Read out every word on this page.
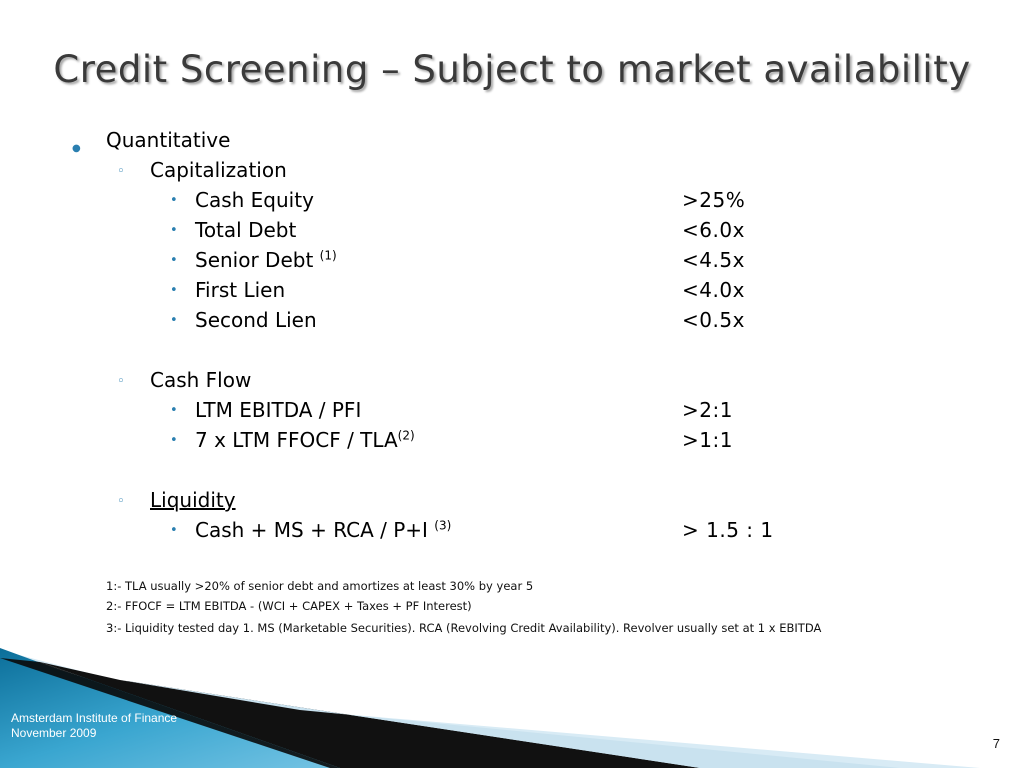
Credit Screening – Subject to market availability
● Quantitative
◦ Capitalization
• Cash Equity	>25%
• Total Debt	<6.0x
• Senior Debt $^{(1)}$	<4.5x
• First Lien	<4.0x
• Second Lien	<0.5x
◦ Cash Flow
• LTM EBITDA / PFI	>2:1
• 7 x LTM FFOCF / $TLA^{(2)}$	>1:1
◦ Liquidity
• Cash + MS + RCA / P+I $^{(3)}$	> 1.5 : 1
1:- TLA usually >20% of senior debt and amortizes at least 30% by year 5
2:- FFOCF = LTM EBITDA - (WCI + CAPEX + Taxes + PF Interest)
3:- Liquidity tested day 1. MS (Marketable Securities). RCA (Revolving Credit Availability). Revolver usually set at 1 x EBITDA
Amsterdam Institute of Finance
November 2009
7
